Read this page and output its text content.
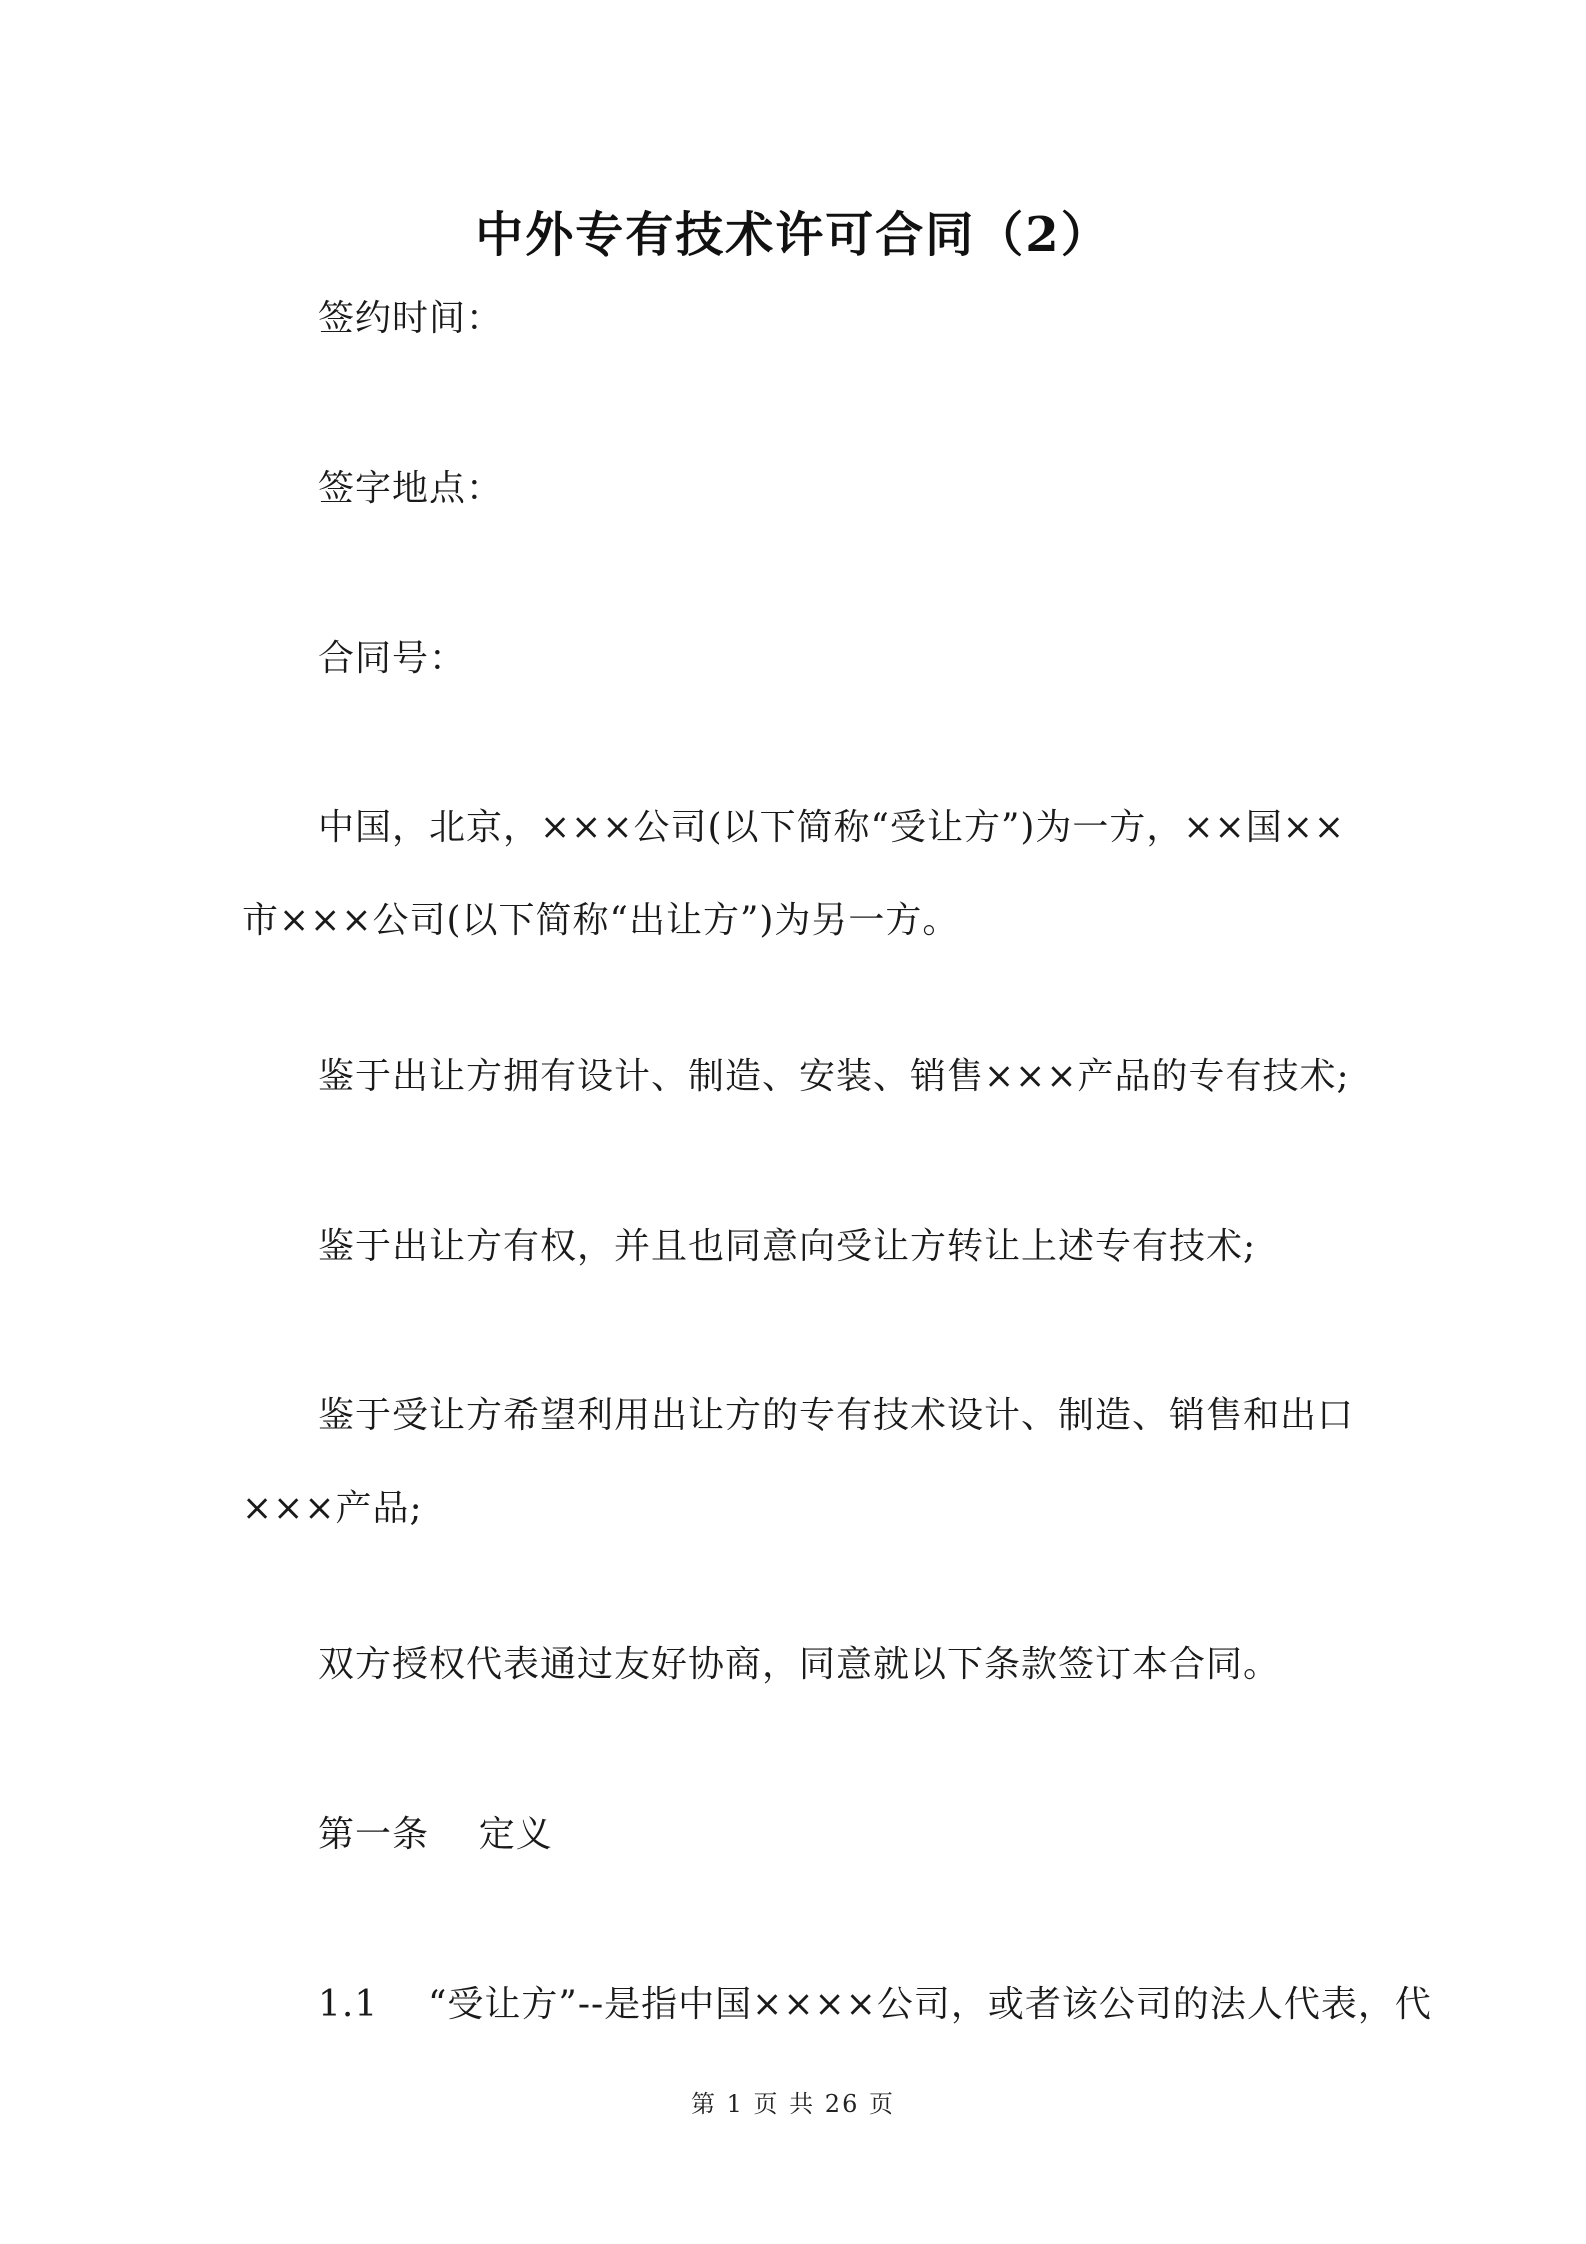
中外专有技术许可合同（2）
签约时间：
签字地点：
合同号：
中国，北京，×××公司(以下简称“受让方”)为一方，××国××市×××公司(以下简称“出让方”)为另一方。
鉴于出让方拥有设计、制造、安装、销售×××产品的专有技术;
鉴于出让方有权，并且也同意向受让方转让上述专有技术;
鉴于受让方希望利用出让方的专有技术设计、制造、销售和出口×××产品;
双方授权代表通过友好协商，同意就以下条款签订本合同。
第一条    定义
1.1    “受让方”--是指中国××××公司，或者该公司的法人代表，代
第 1 页 共 26 页
